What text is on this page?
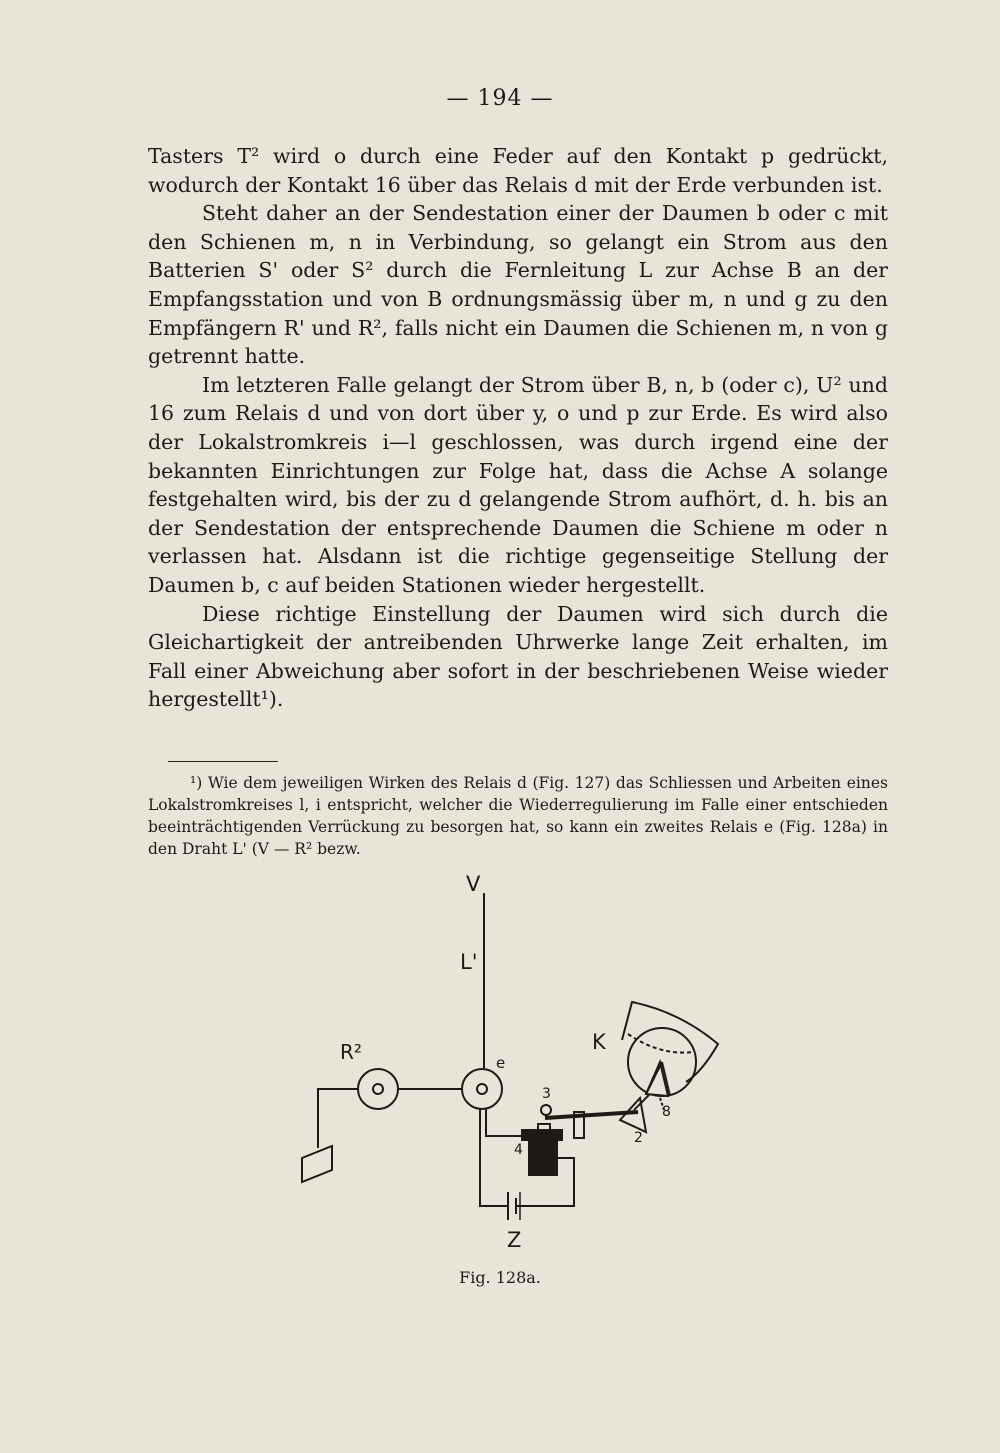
— 194 —

Tasters T² wird o durch eine Feder auf den Kontakt p gedrückt, wodurch der Kontakt 16 über das Relais d mit der Erde verbunden ist.

Steht daher an der Sendestation einer der Daumen b oder c mit den Schienen m, n in Verbindung, so gelangt ein Strom aus den Batterien S' oder S² durch die Fernleitung L zur Achse B an der Empfangsstation und von B ordnungsmässig über m, n und g zu den Empfängern R' und R², falls nicht ein Daumen die Schienen m, n von g getrennt hatte.

Im letzteren Falle gelangt der Strom über B, n, b (oder c), U² und 16 zum Relais d und von dort über y, o und p zur Erde. Es wird also der Lokalstromkreis i—l geschlossen, was durch irgend eine der bekannten Einrichtungen zur Folge hat, dass die Achse A solange festgehalten wird, bis der zu d gelangende Strom aufhört, d. h. bis an der Sendestation der entsprechende Daumen die Schiene m oder n verlassen hat. Alsdann ist die richtige gegenseitige Stellung der Daumen b, c auf beiden Stationen wieder hergestellt.

Diese richtige Einstellung der Daumen wird sich durch die Gleichartigkeit der antreibenden Uhrwerke lange Zeit erhalten, im Fall einer Abweichung aber sofort in der beschriebenen Weise wieder hergestellt¹).

¹) Wie dem jeweiligen Wirken des Relais d (Fig. 127) das Schliessen und Arbeiten eines Lokalstromkreises l, i entspricht, welcher die Wiederregulierung im Falle einer entschieden beeinträchtigenden Verrückung zu besorgen hat, so kann ein zweites Relais e (Fig. 128a) in den Draht L' (V — R² bezw.

V
L'
R²	e
K
3
4
8
2
Z
Fig. 128a.
